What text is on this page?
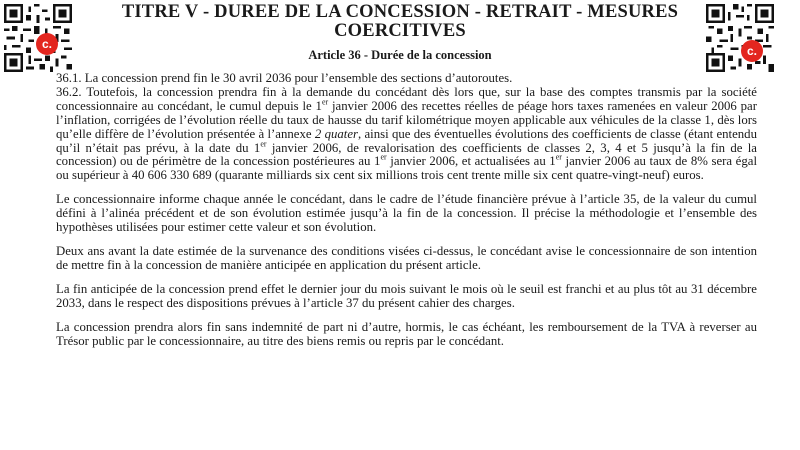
c.	c.
TITRE V - DUREE DE LA CONCESSION - RETRAIT - MESURES COERCITIVES
Article 36 - Durée de la concession

36.1. La concession prend fin le 30 avril 2036 pour l’ensemble des sections d’autoroutes.

36.2. Toutefois, la concession prendra fin à la demande du concédant dès lors que, sur la base des comptes transmis par la société concessionnaire au concédant, le cumul depuis le 1er janvier 2006 des recettes réelles de péage hors taxes ramenées en valeur 2006 par l’inflation, corrigées de l’évolution réelle du taux de hausse du tarif kilométrique moyen applicable aux véhicules de la classe 1, dès lors qu’elle diffère de l’évolution présentée à l’annexe 2 quater, ainsi que des éventuelles évolutions des coefficients de classe (étant entendu qu’il n’était pas prévu, à la date du 1er janvier 2006, de revalorisation des coefficients de classes 2, 3, 4 et 5 jusqu’à la fin de la concession) ou de périmètre de la concession postérieures au 1er janvier 2006, et actualisées au 1er janvier 2006 au taux de 8% sera égal ou supérieur à 40 606 330 689 (quarante milliards six cent six millions trois cent trente mille six cent quatre-vingt-neuf) euros.

Le concessionnaire informe chaque année le concédant, dans le cadre de l’étude financière prévue à l’article 35, de la valeur du cumul défini à l’alinéa précédent et de son évolution estimée jusqu’à la fin de la concession. Il précise la méthodologie et l’ensemble des hypothèses utilisées pour estimer cette valeur et son évolution.

Deux ans avant la date estimée de la survenance des conditions visées ci-dessus, le concédant avise le concessionnaire de son intention de mettre fin à la concession de manière anticipée en application du présent article.

La fin anticipée de la concession prend effet le dernier jour du mois suivant le mois où le seuil est franchi et au plus tôt au 31 décembre 2033, dans le respect des dispositions prévues à l’article 37 du présent cahier des charges.

La concession prendra alors fin sans indemnité de part ni d’autre, hormis, le cas échéant, les remboursement de la TVA à reverser au Trésor public par le concessionnaire, au titre des biens remis ou repris par le concédant.
